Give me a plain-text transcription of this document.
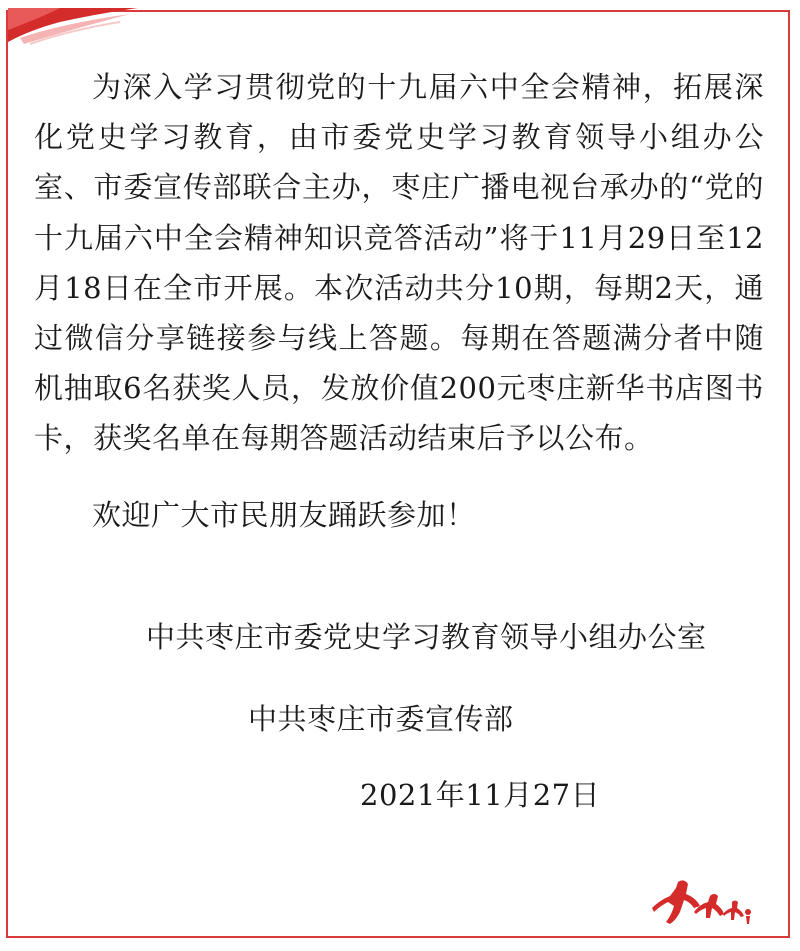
为深入学习贯彻党的十九届六中全会精神，拓展深化党史学习教育，由市委党史学习教育领导小组办公室、市委宣传部联合主办，枣庄广播电视台承办的“党的十九届六中全会精神知识竞答活动”将于11月29日至12月18日在全市开展。本次活动共分10期，每期2天，通过微信分享链接参与线上答题。每期在答题满分者中随机抽取6名获奖人员，发放价值200元枣庄新华书店图书卡，获奖名单在每期答题活动结束后予以公布。

欢迎广大市民朋友踊跃参加！

中共枣庄市委党史学习教育领导小组办公室
中共枣庄市委宣传部
2021年11月27日
